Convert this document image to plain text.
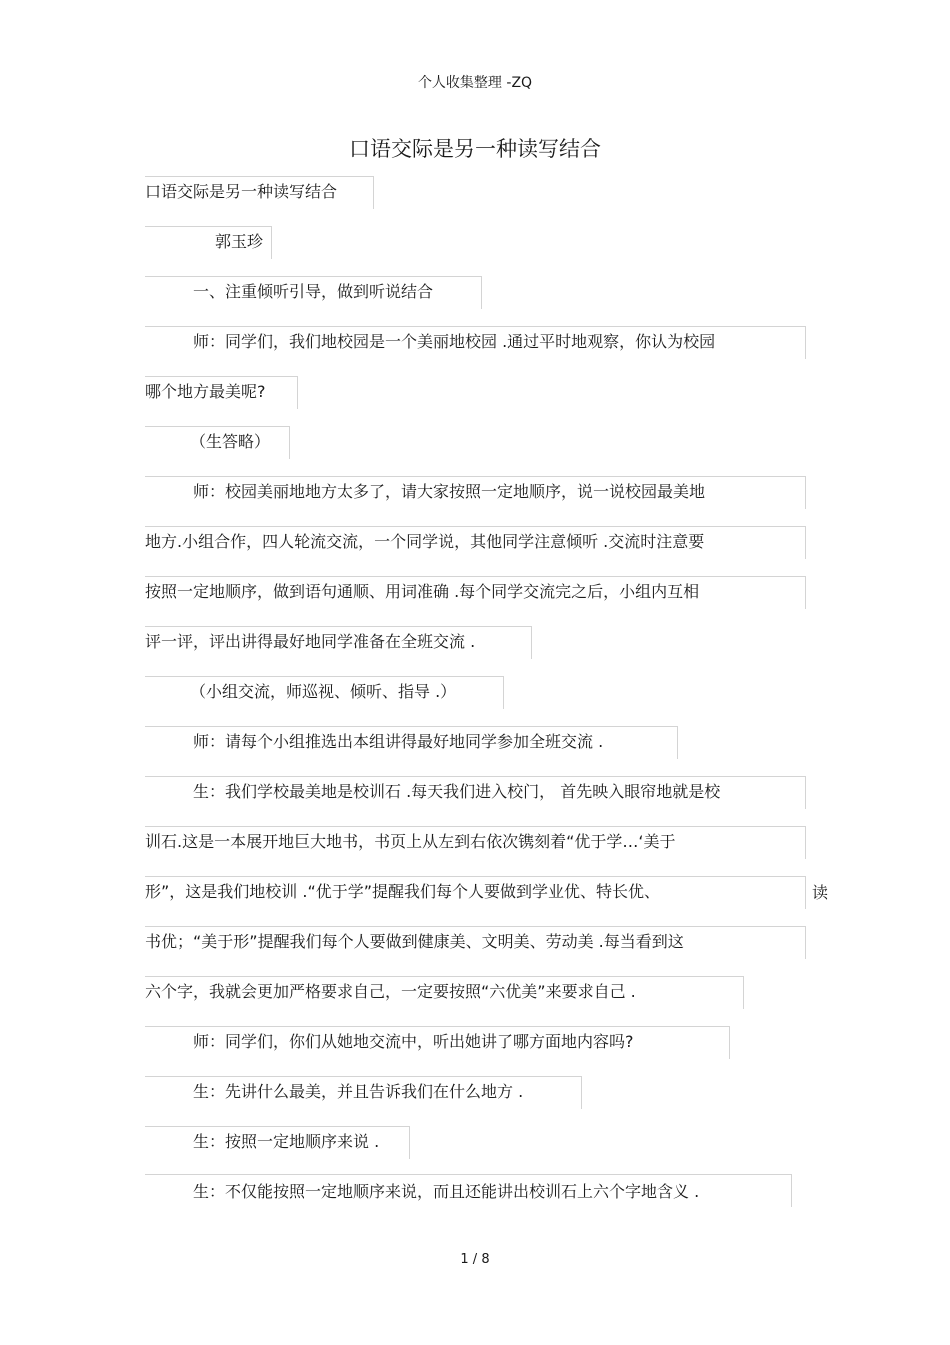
个人收集整理 -ZQ
口语交际是另一种读写结合
口语交际是另一种读写结合
郭玉珍
一、注重倾听引导，做到听说结合
师：同学们，我们地校园是一个美丽地校园 .通过平时地观察，你认为校园
哪个地方最美呢?
（生答略）
师：校园美丽地地方太多了，请大家按照一定地顺序，说一说校园最美地
地方.小组合作，四人轮流交流，一个同学说，其他同学注意倾听 .交流时注意要
按照一定地顺序，做到语句通顺、用词准确 .每个同学交流完之后，小组内互相
评一评，评出讲得最好地同学准备在全班交流 .
（小组交流，师巡视、倾听、指导 .）
师：请每个小组推选出本组讲得最好地同学参加全班交流 .
生：我们学校最美地是校训石 .每天我们进入校门， 首先映入眼帘地就是校
训石.这是一本展开地巨大地书，书页上从左到右依次镌刻着“优于学…‘美于
形”，这是我们地校训 .“优于学”提醒我们每个人要做到学业优、特长优、	读
书优；“美于形”提醒我们每个人要做到健康美、文明美、劳动美 .每当看到这
六个字，我就会更加严格要求自己，一定要按照“六优美”来要求自己 .
师：同学们，你们从她地交流中，听出她讲了哪方面地内容吗?
生：先讲什么最美，并且告诉我们在什么地方 .
生：按照一定地顺序来说 .
生：不仅能按照一定地顺序来说，而且还能讲出校训石上六个字地含义 .
1 / 8
